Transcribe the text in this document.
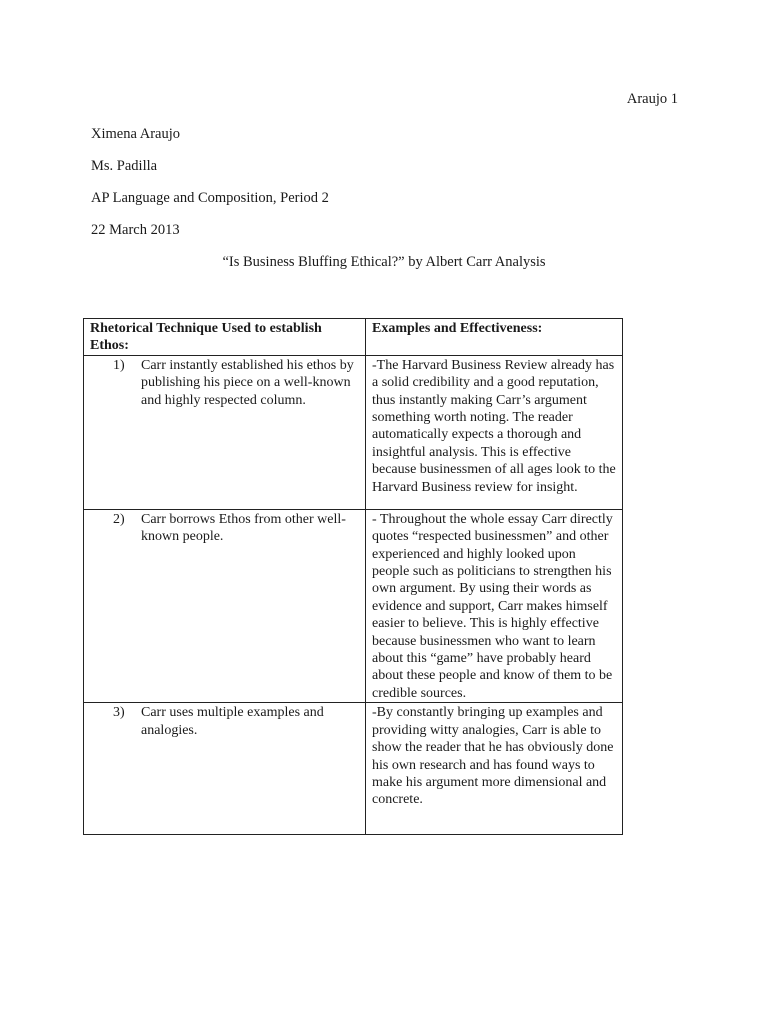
Araujo 1
Ximena Araujo
Ms. Padilla
AP Language and Composition, Period 2
22 March 2013
“Is Business Bluffing Ethical?” by Albert Carr Analysis
Rhetorical Technique Used to establish Ethos:	Examples and Effectiveness:

1) Carr instantly established his ethos by publishing his piece on a well-known and highly respected column.	-The Harvard Business Review already has a solid credibility and a good reputation, thus instantly making Carr’s argument something worth noting. The reader automatically expects a thorough and insightful analysis. This is effective because businessmen of all ages look to the Harvard Business review for insight.

2) Carr borrows Ethos from other well-known people.	- Throughout the whole essay Carr directly quotes “respected businessmen” and other experienced and highly looked upon people such as politicians to strengthen his own argument. By using their words as evidence and support, Carr makes himself easier to believe. This is highly effective because businessmen who want to learn about this “game” have probably heard about these people and know of them to be credible sources.

3) Carr uses multiple examples and analogies.	-By constantly bringing up examples and providing witty analogies, Carr is able to show the reader that he has obviously done his own research and has found ways to make his argument more dimensional and concrete.
